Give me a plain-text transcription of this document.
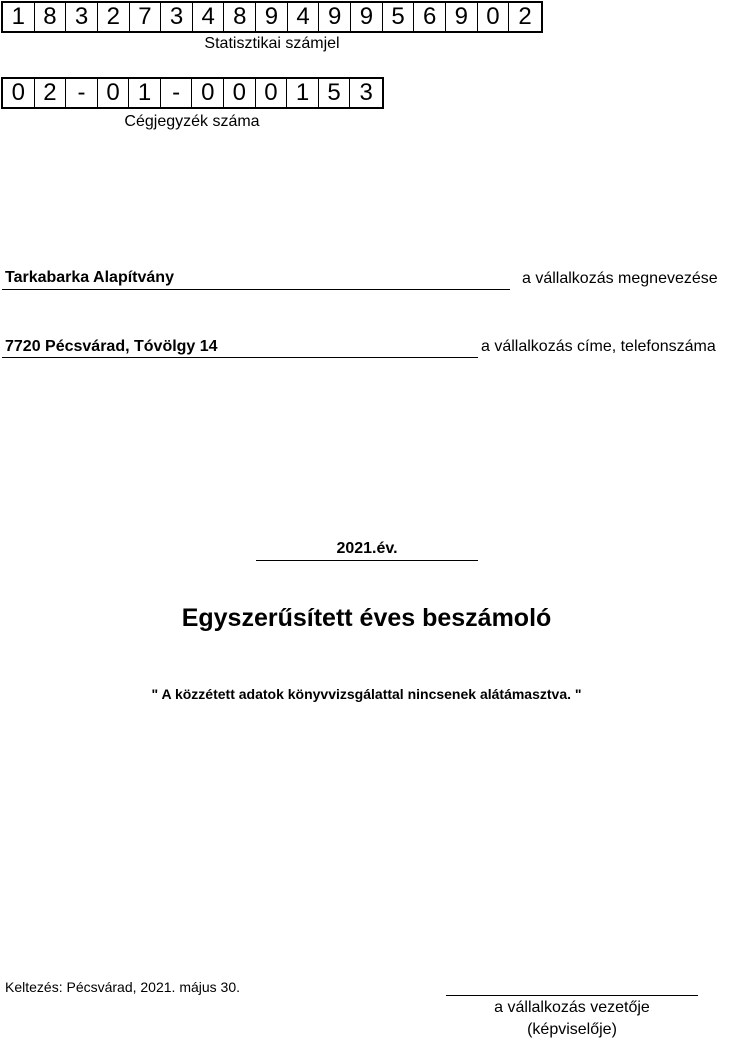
1 8 3 2 7 3 4 8 9 4 9 9 5 6 9 0 2
Statisztikai számjel
0 2 - 0 1 - 0 0 0 1 5 3
Cégjegyzék száma
Tarkabarka Alapítvány	a vállalkozás megnevezése
7720 Pécsvárad, Tóvölgy 14	a vállalkozás címe, telefonszáma
2021.év.
Egyszerűsített éves beszámoló
" A közzétett adatok könyvvizsgálattal nincsenek alátámasztva. "
Keltezés: Pécsvárad, 2021. május 30.
a vállalkozás vezetője
(képviselője)
